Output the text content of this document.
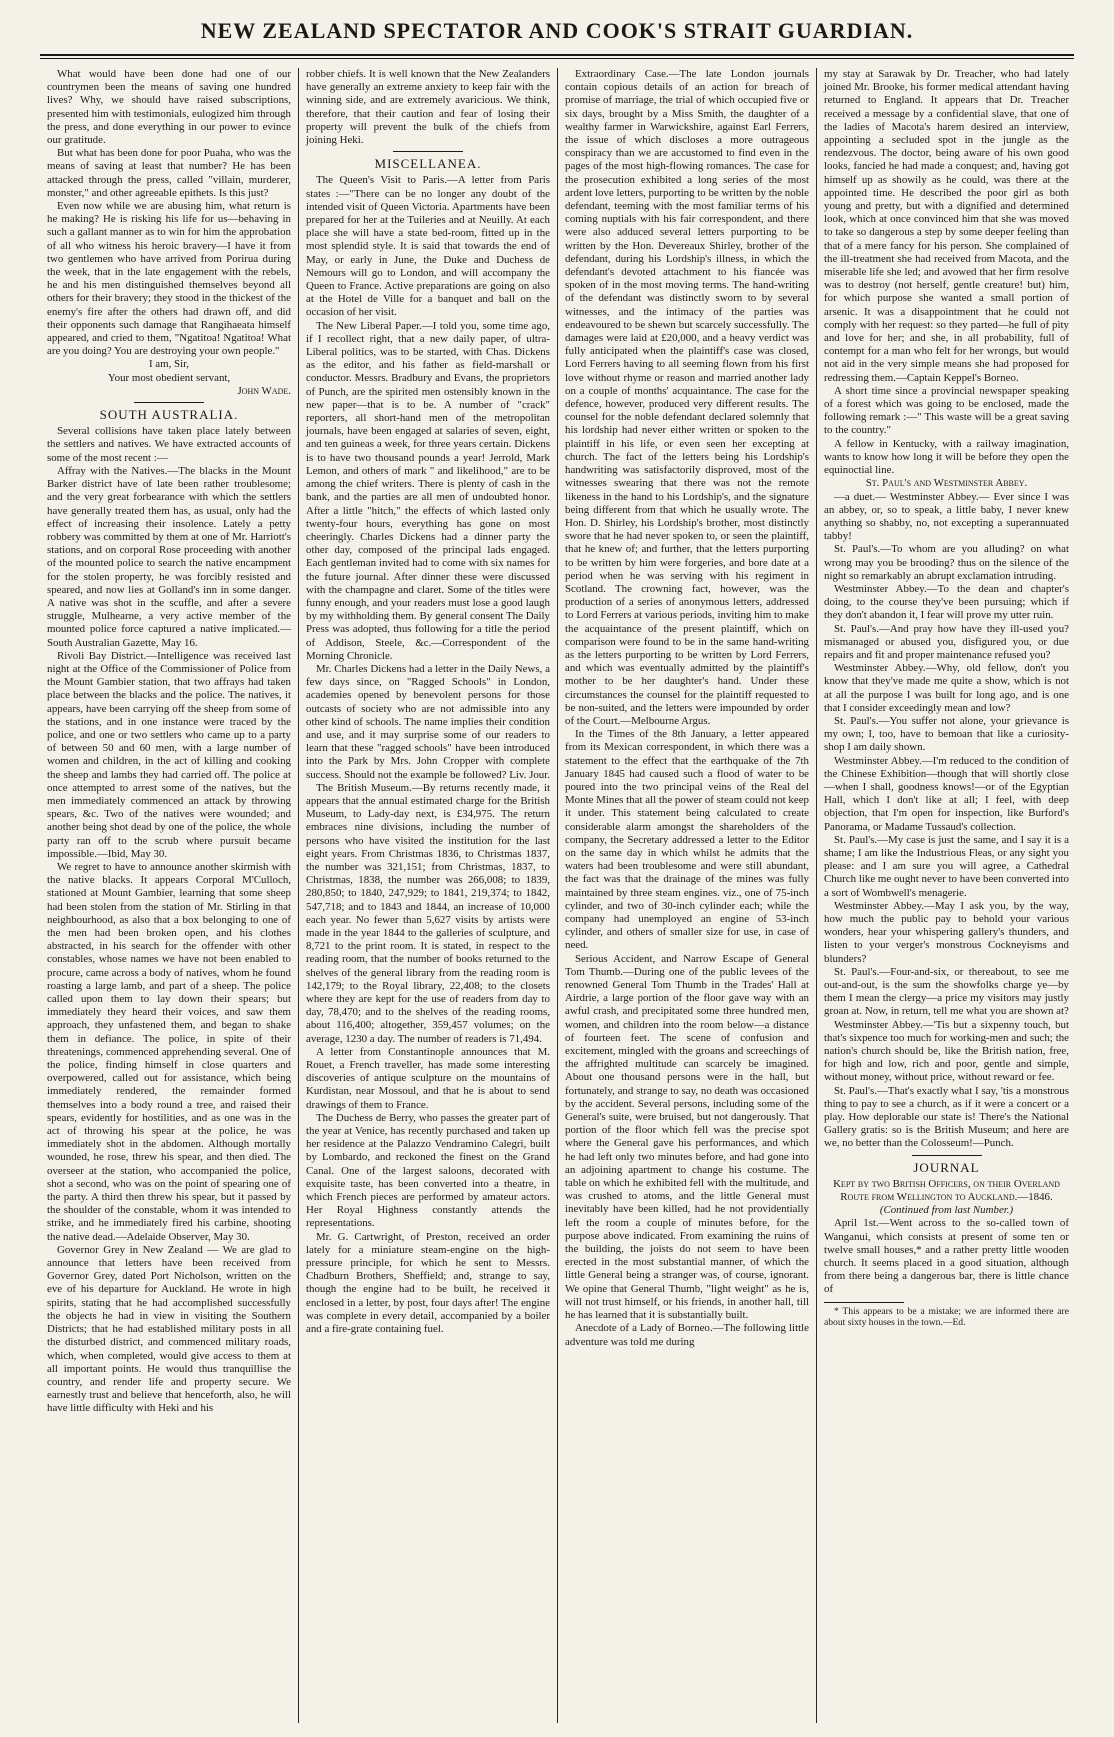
NEW ZEALAND SPECTATOR AND COOK'S STRAIT GUARDIAN.

What would have been done had one of our countrymen been the means of saving one hundred lives? Why, we should have raised subscriptions, presented him with testimonials, eulogized him through the press, and done everything in our power to evince our gratitude.

But what has been done for poor Puaha, who was the means of saving at least that number? He has been attacked through the press, called "villain, murderer, monster," and other agreeable epithets. Is this just?

Even now while we are abusing him, what return is he making? He is risking his life for us—behaving in such a gallant manner as to win for him the approbation of all who witness his heroic bravery—I have it from two gentlemen who have arrived from Porirua during the week, that in the late engagement with the rebels, he and his men distinguished themselves beyond all others for their bravery; they stood in the thickest of the enemy's fire after the others had drawn off, and did their opponents such damage that Rangihaeata himself appeared, and cried to them, "Ngatitoa! Ngatitoa! What are you doing? You are destroying your own people."

I am, Sir,

Your most obedient servant,

John Wade.

SOUTH AUSTRALIA.

Several collisions have taken place lately between the settlers and natives. We have extracted accounts of some of the most recent :—

Affray with the Natives.—The blacks in the Mount Barker district have of late been rather troublesome; and the very great forbearance with which the settlers have generally treated them has, as usual, only had the effect of increasing their insolence. Lately a petty robbery was committed by them at one of Mr. Harriott's stations, and on corporal Rose proceeding with another of the mounted police to search the native encampment for the stolen property, he was forcibly resisted and speared, and now lies at Golland's inn in some danger. A native was shot in the scuffle, and after a severe struggle, Mulhearne, a very active member of the mounted police force captured a native implicated.—South Australian Gazette, May 16.

Rivoli Bay District.—Intelligence was received last night at the Office of the Commissioner of Police from the Mount Gambier station, that two affrays had taken place between the blacks and the police. The natives, it appears, have been carrying off the sheep from some of the stations, and in one instance were traced by the police, and one or two settlers who came up to a party of between 50 and 60 men, with a large number of women and children, in the act of killing and cooking the sheep and lambs they had carried off. The police at once attempted to arrest some of the natives, but the men immediately commenced an attack by throwing spears, &c. Two of the natives were wounded; and another being shot dead by one of the police, the whole party ran off to the scrub where pursuit became impossible.—Ibid, May 30.

We regret to have to announce another skirmish with the native blacks. It appears Corporal M'Culloch, stationed at Mount Gambier, learning that some sheep had been stolen from the station of Mr. Stirling in that neighbourhood, as also that a box belonging to one of the men had been broken open, and his clothes abstracted, in his search for the offender with other constables, whose names we have not been enabled to procure, came across a body of natives, whom he found roasting a large lamb, and part of a sheep. The police called upon them to lay down their spears; but immediately they heard their voices, and saw them approach, they unfastened them, and began to shake them in defiance. The police, in spite of their threatenings, commenced apprehending several. One of the police, finding himself in close quarters and overpowered, called out for assistance, which being immediately rendered, the remainder formed themselves into a body round a tree, and raised their spears, evidently for hostilities, and as one was in the act of throwing his spear at the police, he was immediately shot in the abdomen. Although mortally wounded, he rose, threw his spear, and then died. The overseer at the station, who accompanied the police, shot a second, who was on the point of spearing one of the party. A third then threw his spear, but it passed by the shoulder of the constable, whom it was intended to strike, and he immediately fired his carbine, shooting the native dead.—Adelaide Observer, May 30.

Governor Grey in New Zealand — We are glad to announce that letters have been received from Governor Grey, dated Port Nicholson, written on the eve of his departure for Auckland. He wrote in high spirits, stating that he had accomplished successfully the objects he had in view in visiting the Southern Districts; that he had established military posts in all the disturbed district, and commenced military roads, which, when completed, would give access to them at all important points. He would thus tranquillise the country, and render life and property secure. We earnestly trust and believe that henceforth, also, he will have little difficulty with Heki and his

robber chiefs. It is well known that the New Zealanders have generally an extreme anxiety to keep fair with the winning side, and are extremely avaricious. We think, therefore, that their caution and fear of losing their property will prevent the bulk of the chiefs from joining Heki.

MISCELLANEA.

The Queen's Visit to Paris.—A letter from Paris states :—"There can be no longer any doubt of the intended visit of Queen Victoria. Apartments have been prepared for her at the Tuileries and at Neuilly. At each place she will have a state bed-room, fitted up in the most splendid style. It is said that towards the end of May, or early in June, the Duke and Duchess de Nemours will go to London, and will accompany the Queen to France. Active preparations are going on also at the Hotel de Ville for a banquet and ball on the occasion of her visit.

The New Liberal Paper.—I told you, some time ago, if I recollect right, that a new daily paper, of ultra-Liberal politics, was to be started, with Chas. Dickens as the editor, and his father as field-marshall or conductor. Messrs. Bradbury and Evans, the proprietors of Punch, are the spirited men ostensibly known in the new paper—that is to be. A number of "crack" reporters, all short-hand men of the metropolitan journals, have been engaged at salaries of seven, eight, and ten guineas a week, for three years certain. Dickens is to have two thousand pounds a year! Jerrold, Mark Lemon, and others of mark " and likelihood," are to be among the chief writers. There is plenty of cash in the bank, and the parties are all men of undoubted honor. After a little "hitch," the effects of which lasted only twenty-four hours, everything has gone on most cheeringly. Charles Dickens had a dinner party the other day, composed of the principal lads engaged. Each gentleman invited had to come with six names for the future journal. After dinner these were discussed with the champagne and claret. Some of the titles were funny enough, and your readers must lose a good laugh by my withholding them. By general consent The Daily Press was adopted, thus following for a title the period of Addison, Steele, &c.—Correspondent of the Morning Chronicle.

Mr. Charles Dickens had a letter in the Daily News, a few days since, on "Ragged Schools" in London, academies opened by benevolent persons for those outcasts of society who are not admissible into any other kind of schools. The name implies their condition and use, and it may surprise some of our readers to learn that these "ragged schools" have been introduced into the Park by Mrs. John Cropper with complete success. Should not the example be followed? Liv. Jour.

The British Museum.—By returns recently made, it appears that the annual estimated charge for the British Museum, to Lady-day next, is £34,975. The return embraces nine divisions, including the number of persons who have visited the institution for the last eight years. From Christmas 1836, to Christmas 1837, the number was 321,151; from Christmas, 1837, to Christmas, 1838, the number was 266,008; to 1839, 280,850; to 1840, 247,929; to 1841, 219,374; to 1842, 547,718; and to 1843 and 1844, an increase of 10,000 each year. No fewer than 5,627 visits by artists were made in the year 1844 to the galleries of sculpture, and 8,721 to the print room. It is stated, in respect to the reading room, that the number of books returned to the shelves of the general library from the reading room is 142,179; to the Royal library, 22,408; to the closets where they are kept for the use of readers from day to day, 78,470; and to the shelves of the reading rooms, about 116,400; altogether, 359,457 volumes; on the average, 1230 a day. The number of readers is 71,494.

A letter from Constantinople announces that M. Rouet, a French traveller, has made some interesting discoveries of antique sculpture on the mountains of Kurdistan, near Mossoul, and that he is about to send drawings of them to France.

The Duchess de Berry, who passes the greater part of the year at Venice, has recently purchased and taken up her residence at the Palazzo Vendramino Calegri, built by Lombardo, and reckoned the finest on the Grand Canal. One of the largest saloons, decorated with exquisite taste, has been converted into a theatre, in which French pieces are performed by amateur actors. Her Royal Highness constantly attends the representations.

Mr. G. Cartwright, of Preston, received an order lately for a miniature steam-engine on the high-pressure principle, for which he sent to Messrs. Chadburn Brothers, Sheffield; and, strange to say, though the engine had to be built, he received it enclosed in a letter, by post, four days after! The engine was complete in every detail, accompanied by a boiler and a fire-grate containing fuel.

Extraordinary Case.—The late London journals contain copious details of an action for breach of promise of marriage, the trial of which occupied five or six days, brought by a Miss Smith, the daughter of a wealthy farmer in Warwickshire, against Earl Ferrers, the issue of which discloses a more outrageous conspiracy than we are accustomed to find even in the pages of the most high-flowing romances. The case for the prosecution exhibited a long series of the most ardent love letters, purporting to be written by the noble defendant, teeming with the most familiar terms of his coming nuptials with his fair correspondent, and there were also adduced several letters purporting to be written by the Hon. Devereaux Shirley, brother of the defendant, during his Lordship's illness, in which the defendant's devoted attachment to his fiancée was spoken of in the most moving terms. The hand-writing of the defendant was distinctly sworn to by several witnesses, and the intimacy of the parties was endeavoured to be shewn but scarcely successfully. The damages were laid at £20,000, and a heavy verdict was fully anticipated when the plaintiff's case was closed, Lord Ferrers having to all seeming flown from his first love without rhyme or reason and married another lady on a couple of months' acquaintance. The case for the defence, however, produced very different results. The counsel for the noble defendant declared solemnly that his lordship had never either written or spoken to the plaintiff in his life, or even seen her excepting at church. The fact of the letters being his Lordship's handwriting was satisfactorily disproved, most of the witnesses swearing that there was not the remote likeness in the hand to his Lordship's, and the signature being different from that which he usually wrote. The Hon. D. Shirley, his Lordship's brother, most distinctly swore that he had never spoken to, or seen the plaintiff, that he knew of; and further, that the letters purporting to be written by him were forgeries, and bore date at a period when he was serving with his regiment in Scotland. The crowning fact, however, was the production of a series of anonymous letters, addressed to Lord Ferrers at various periods, inviting him to make the acquaintance of the present plaintiff, which on comparison were found to be in the same hand-writing as the letters purporting to be written by Lord Ferrers, and which was eventually admitted by the plaintiff's mother to be her daughter's hand. Under these circumstances the counsel for the plaintiff requested to be non-suited, and the letters were impounded by order of the Court.—Melbourne Argus.

In the Times of the 8th January, a letter appeared from its Mexican correspondent, in which there was a statement to the effect that the earthquake of the 7th January 1845 had caused such a flood of water to be poured into the two principal veins of the Real del Monte Mines that all the power of steam could not keep it under. This statement being calculated to create considerable alarm amongst the shareholders of the company, the Secretary addressed a letter to the Editor on the same day in which whilst he admits that the waters had been troublesome and were still abundant, the fact was that the drainage of the mines was fully maintained by three steam engines. viz., one of 75-inch cylinder, and two of 30-inch cylinder each; while the company had unemployed an engine of 53-inch cylinder, and others of smaller size for use, in case of need.

Serious Accident, and Narrow Escape of General Tom Thumb.—During one of the public levees of the renowned General Tom Thumb in the Trades' Hall at Airdrie, a large portion of the floor gave way with an awful crash, and precipitated some three hundred men, women, and children into the room below—a distance of fourteen feet. The scene of confusion and excitement, mingled with the groans and screechings of the affrighted multitude can scarcely be imagined. About one thousand persons were in the hall, but fortunately, and strange to say, no death was occasioned by the accident. Several persons, including some of the General's suite, were bruised, but not dangerously. That portion of the floor which fell was the precise spot where the General gave his performances, and which he had left only two minutes before, and had gone into an adjoining apartment to change his costume. The table on which he exhibited fell with the multitude, and was crushed to atoms, and the little General must inevitably have been killed, had he not providentially left the room a couple of minutes before, for the purpose above indicated. From examining the ruins of the building, the joists do not seem to have been erected in the most substantial manner, of which the little General being a stranger was, of course, ignorant. We opine that General Thumb, "light weight" as he is, will not trust himself, or his friends, in another hall, till he has learned that it is substantially built.

Anecdote of a Lady of Borneo.—The following little adventure was told me during

my stay at Sarawak by Dr. Treacher, who had lately joined Mr. Brooke, his former medical attendant having returned to England. It appears that Dr. Treacher received a message by a confidential slave, that one of the ladies of Macota's harem desired an interview, appointing a secluded spot in the jungle as the rendezvous. The doctor, being aware of his own good looks, fancied he had made a conquest; and, having got himself up as showily as he could, was there at the appointed time. He described the poor girl as both young and pretty, but with a dignified and determined look, which at once convinced him that she was moved to take so dangerous a step by some deeper feeling than that of a mere fancy for his person. She complained of the ill-treatment she had received from Macota, and the miserable life she led; and avowed that her firm resolve was to destroy (not herself, gentle creature! but) him, for which purpose she wanted a small portion of arsenic. It was a disappointment that he could not comply with her request: so they parted—he full of pity and love for her; and she, in all probability, full of contempt for a man who felt for her wrongs, but would not aid in the very simple means she had proposed for redressing them.—Captain Keppel's Borneo.

A short time since a provincial newspaper speaking of a forest which was going to be enclosed, made the following remark :—" This waste will be a great saving to the country."

A fellow in Kentucky, with a railway imagination, wants to know how long it will be before they open the equinoctial line.

St. Paul's and Westminster Abbey.

—a duet.— Westminster Abbey.— Ever since I was an abbey, or, so to speak, a little baby, I never knew anything so shabby, no, not excepting a superannuated tabby!

St. Paul's.—To whom are you alluding? on what wrong may you be brooding? thus on the silence of the night so remarkably an abrupt exclamation intruding.

Westminster Abbey.—To the dean and chapter's doing, to the course they've been pursuing; which if they don't abandon it, I fear will prove my utter ruin.

St. Paul's.—And pray how have they ill-used you? mismanaged or abused you, disfigured you, or due repairs and fit and proper maintenance refused you?

Westminster Abbey.—Why, old fellow, don't you know that they've made me quite a show, which is not at all the purpose I was built for long ago, and is one that I consider exceedingly mean and low?

St. Paul's.—You suffer not alone, your grievance is my own; I, too, have to bemoan that like a curiosity-shop I am daily shown.

Westminster Abbey.—I'm reduced to the condition of the Chinese Exhibition—though that will shortly close—when I shall, goodness knows!—or of the Egyptian Hall, which I don't like at all; I feel, with deep objection, that I'm open for inspection, like Burford's Panorama, or Madame Tussaud's collection.

St. Paul's.—My case is just the same, and I say it is a shame; I am like the Industrious Fleas, or any sight you please: and I am sure you will agree, a Cathedral Church like me ought never to have been converted into a sort of Wombwell's menagerie.

Westminster Abbey.—May I ask you, by the way, how much the public pay to behold your various wonders, hear your whispering gallery's thunders, and listen to your verger's monstrous Cockneyisms and blunders?

St. Paul's.—Four-and-six, or thereabout, to see me out-and-out, is the sum the showfolks charge ye—by them I mean the clergy—a price my visitors may justly groan at. Now, in return, tell me what you are shown at?

Westminster Abbey.—'Tis but a sixpenny touch, but that's sixpence too much for working-men and such; the nation's church should be, like the British nation, free, for high and low, rich and poor, gentle and simple, without money, without price, without reward or fee.

St. Paul's.—That's exactly what I say, 'tis a monstrous thing to pay to see a church, as if it were a concert or a play. How deplorable our state is! There's the National Gallery gratis: so is the British Museum; and here are we, no better than the Colosseum!—Punch.

JOURNAL

Kept by two British Officers, on their Overland Route from Wellington to Auckland.—1846.

(Continued from last Number.)

April 1st.—Went across to the so-called town of Wanganui, which consists at present of some ten or twelve small houses,* and a rather pretty little wooden church. It seems placed in a good situation, although from there being a dangerous bar, there is little chance of

* This appears to be a mistake; we are informed there are about sixty houses in the town.—Ed.
